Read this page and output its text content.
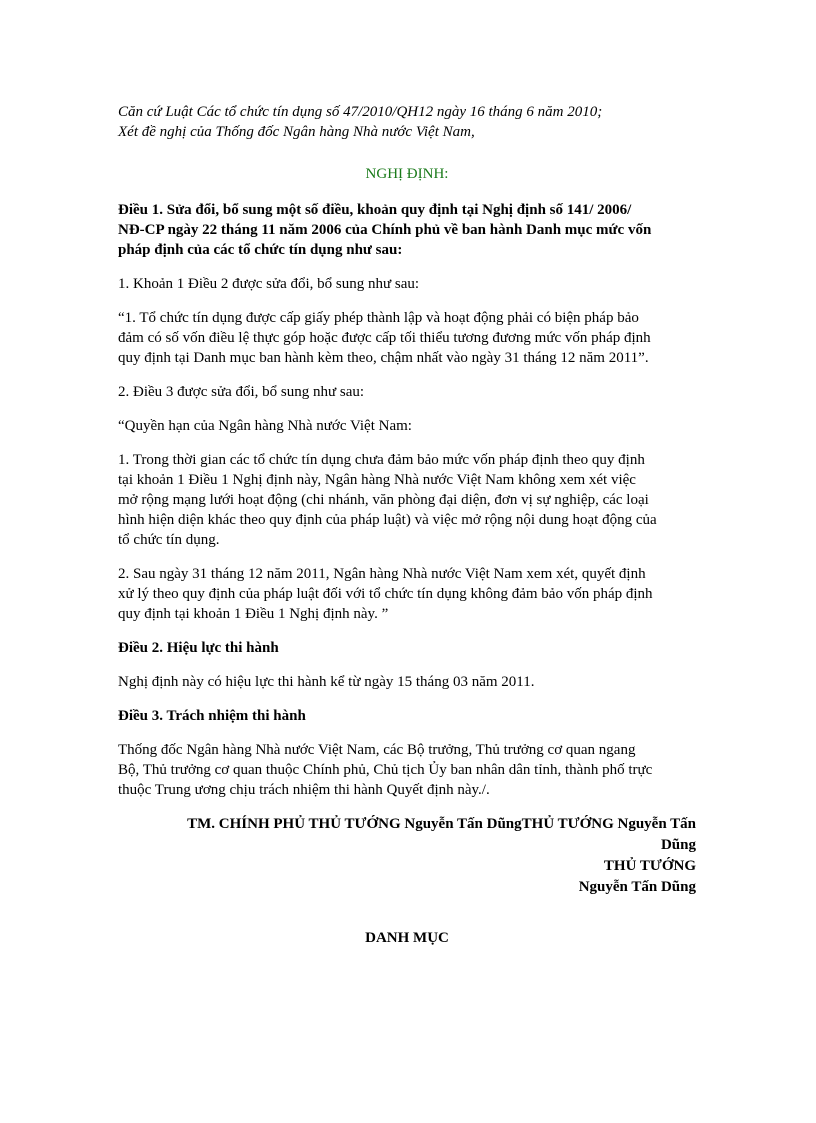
Căn cứ Luật Các tổ chức tín dụng số 47/2010/QH12 ngày 16 tháng 6 năm 2010;
Xét đề nghị của Thống đốc Ngân hàng Nhà nước Việt Nam,
NGHỊ ĐỊNH:
Điều 1. Sửa đổi, bổ sung một số điều, khoản quy định tại Nghị định số 141/ 2006/
NĐ-CP ngày 22 tháng 11 năm 2006 của Chính phủ về ban hành Danh mục mức vốn
pháp định của các tổ chức tín dụng như sau:
1. Khoản 1 Điều 2 được sửa đổi, bổ sung như sau:
“1. Tổ chức tín dụng được cấp giấy phép thành lập và hoạt động phải có biện pháp bảo
đảm có số vốn điều lệ thực góp hoặc được cấp tối thiểu tương đương mức vốn pháp định
quy định tại Danh mục ban hành kèm theo, chậm nhất vào ngày 31 tháng 12 năm 2011”.
2. Điều 3 được sửa đổi, bổ sung như sau:
“Quyền hạn của Ngân hàng Nhà nước Việt Nam:
1. Trong thời gian các tổ chức tín dụng chưa đảm bảo mức vốn pháp định theo quy định
tại khoản 1 Điều 1 Nghị định này, Ngân hàng Nhà nước Việt Nam không xem xét việc
mở rộng mạng lưới hoạt động (chi nhánh, văn phòng đại diện, đơn vị sự nghiệp, các loại
hình hiện diện khác theo quy định của pháp luật) và việc mở rộng nội dung hoạt động của
tổ chức tín dụng.
2. Sau ngày 31 tháng 12 năm 2011, Ngân hàng Nhà nước Việt Nam xem xét, quyết định
xử lý theo quy định của pháp luật đối với tổ chức tín dụng không đảm bảo vốn pháp định
quy định tại khoản 1 Điều 1 Nghị định này. ”
Điều 2. Hiệu lực thi hành
Nghị định này có hiệu lực thi hành kể từ ngày 15 tháng 03 năm 2011.
Điều 3. Trách nhiệm thi hành
Thống đốc Ngân hàng Nhà nước Việt Nam, các Bộ trưởng, Thủ trưởng cơ quan ngang
Bộ, Thủ trưởng cơ quan thuộc Chính phủ, Chủ tịch Ủy ban nhân dân tỉnh, thành phố trực
thuộc Trung ương chịu trách nhiệm thi hành Quyết định này./.
TM. CHÍNH PHỦ THỦ TƯỚNG Nguyễn Tấn DũngTHỦ TƯỚNG Nguyễn Tấn
Dũng
THỦ TƯỚNG
Nguyễn Tấn Dũng
DANH MỤC
